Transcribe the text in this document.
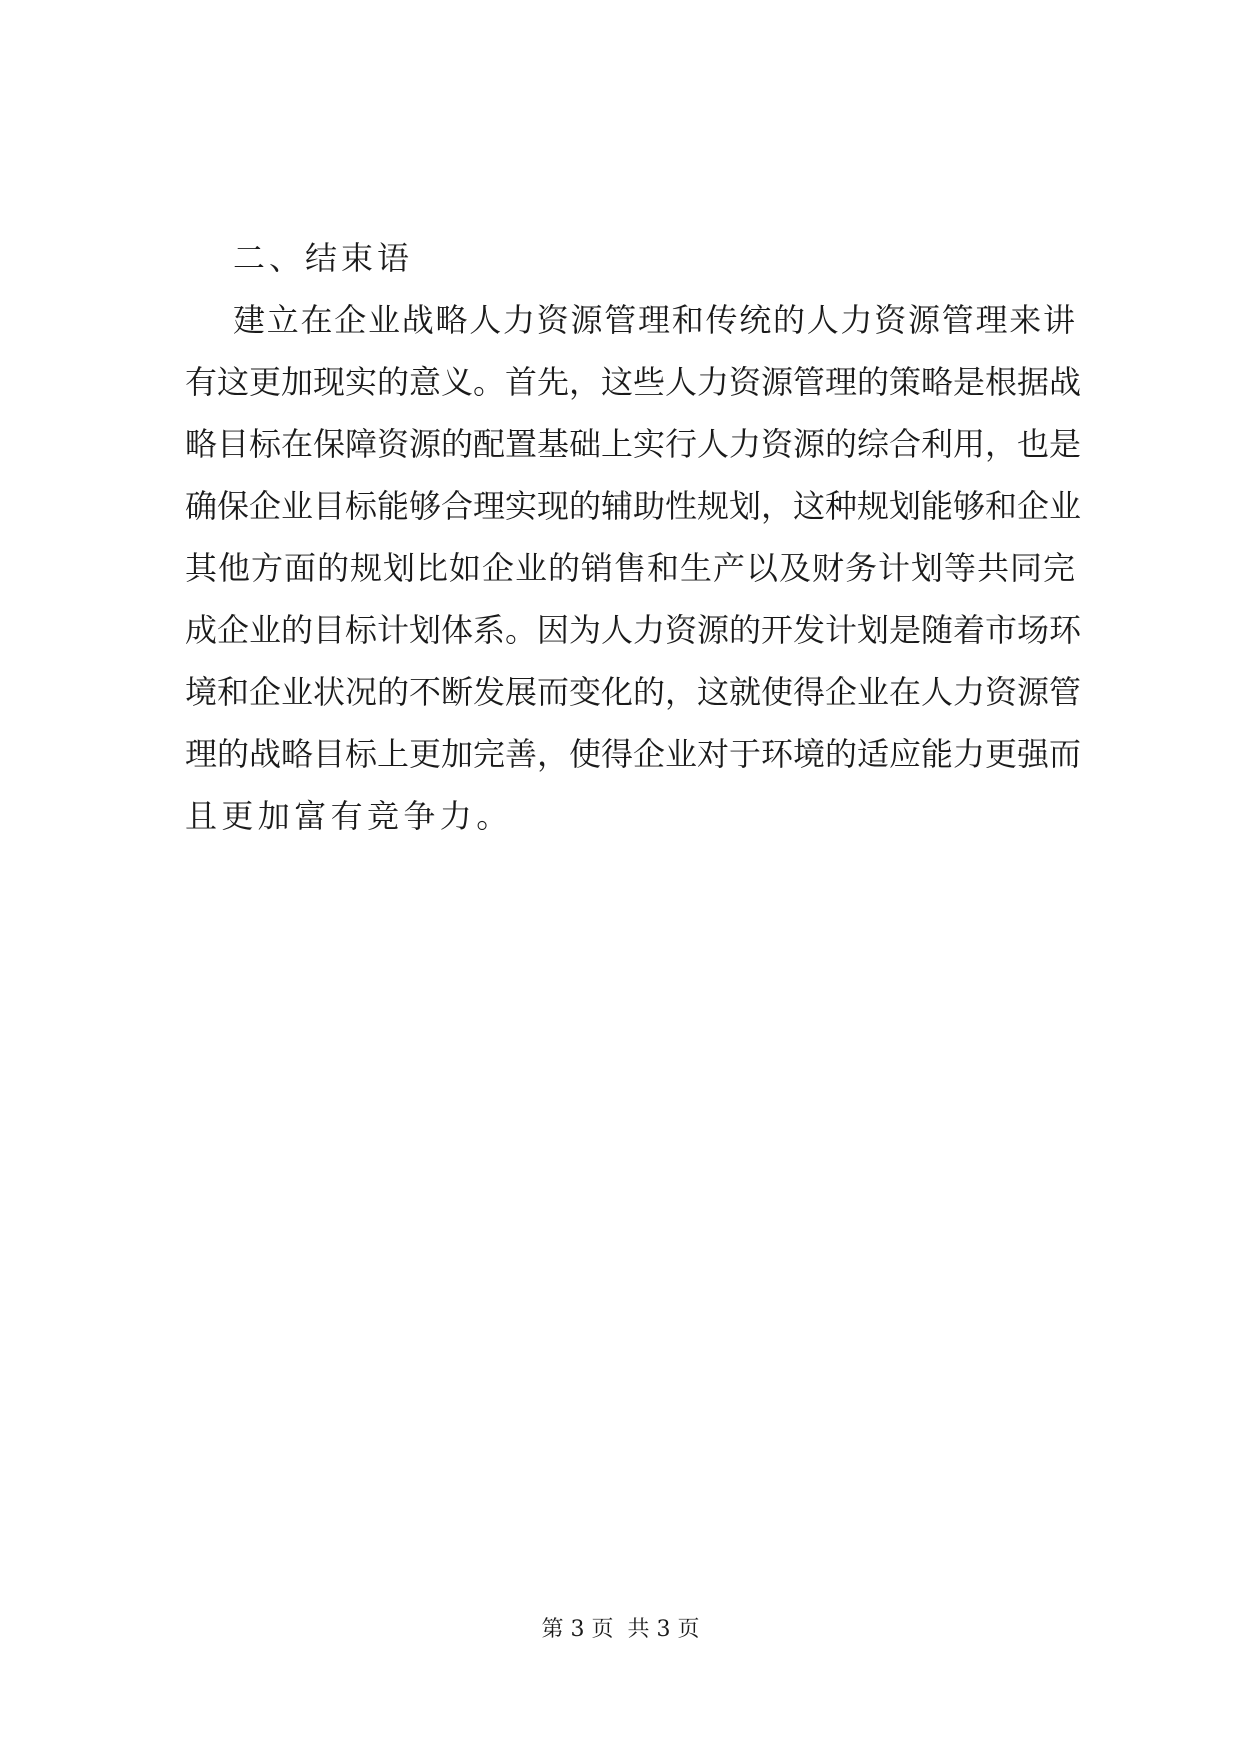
二、结束语
建立在企业战略人力资源管理和传统的人力资源管理来讲
有这更加现实的意义。首先，这些人力资源管理的策略是根据战
略目标在保障资源的配置基础上实行人力资源的综合利用，也是
确保企业目标能够合理实现的辅助性规划，这种规划能够和企业
其他方面的规划比如企业的销售和生产以及财务计划等共同完
成企业的目标计划体系。因为人力资源的开发计划是随着市场环
境和企业状况的不断发展而变化的，这就使得企业在人力资源管
理的战略目标上更加完善，使得企业对于环境的适应能力更强而
且更加富有竞争力。
第 3 页  共 3 页
